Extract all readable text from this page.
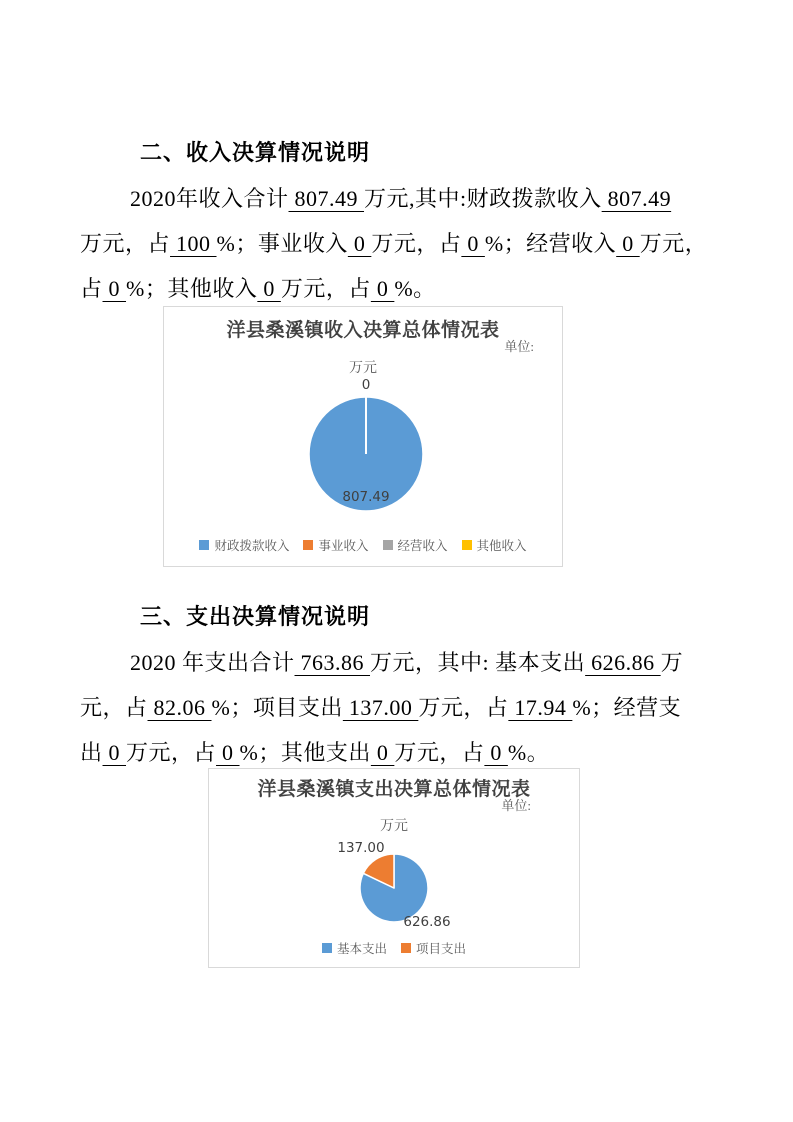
二、收入决算情况说明
2020年收入合计 807.49 万元,其中:财政拨款收入 807.49
万元，占 100 %；事业收入 0 万元，占 0 %；经营收入 0 万元，
占 0 %；其他收入 0 万元，占 0 %。
洋县桑溪镇收入决算总体情况表
单位:
万元
0
807.49
财政拨款收入 事业收入 经营收入 其他收入
三、支出决算情况说明
2020 年支出合计 763.86 万元，其中: 基本支出 626.86 万
元，占 82.06 %；项目支出 137.00 万元，占 17.94 %；经营支
出 0 万元，占 0 %；其他支出 0 万元，占 0 %。
洋县桑溪镇支出决算总体情况表
单位:
万元
137.00
626.86
基本支出 项目支出
